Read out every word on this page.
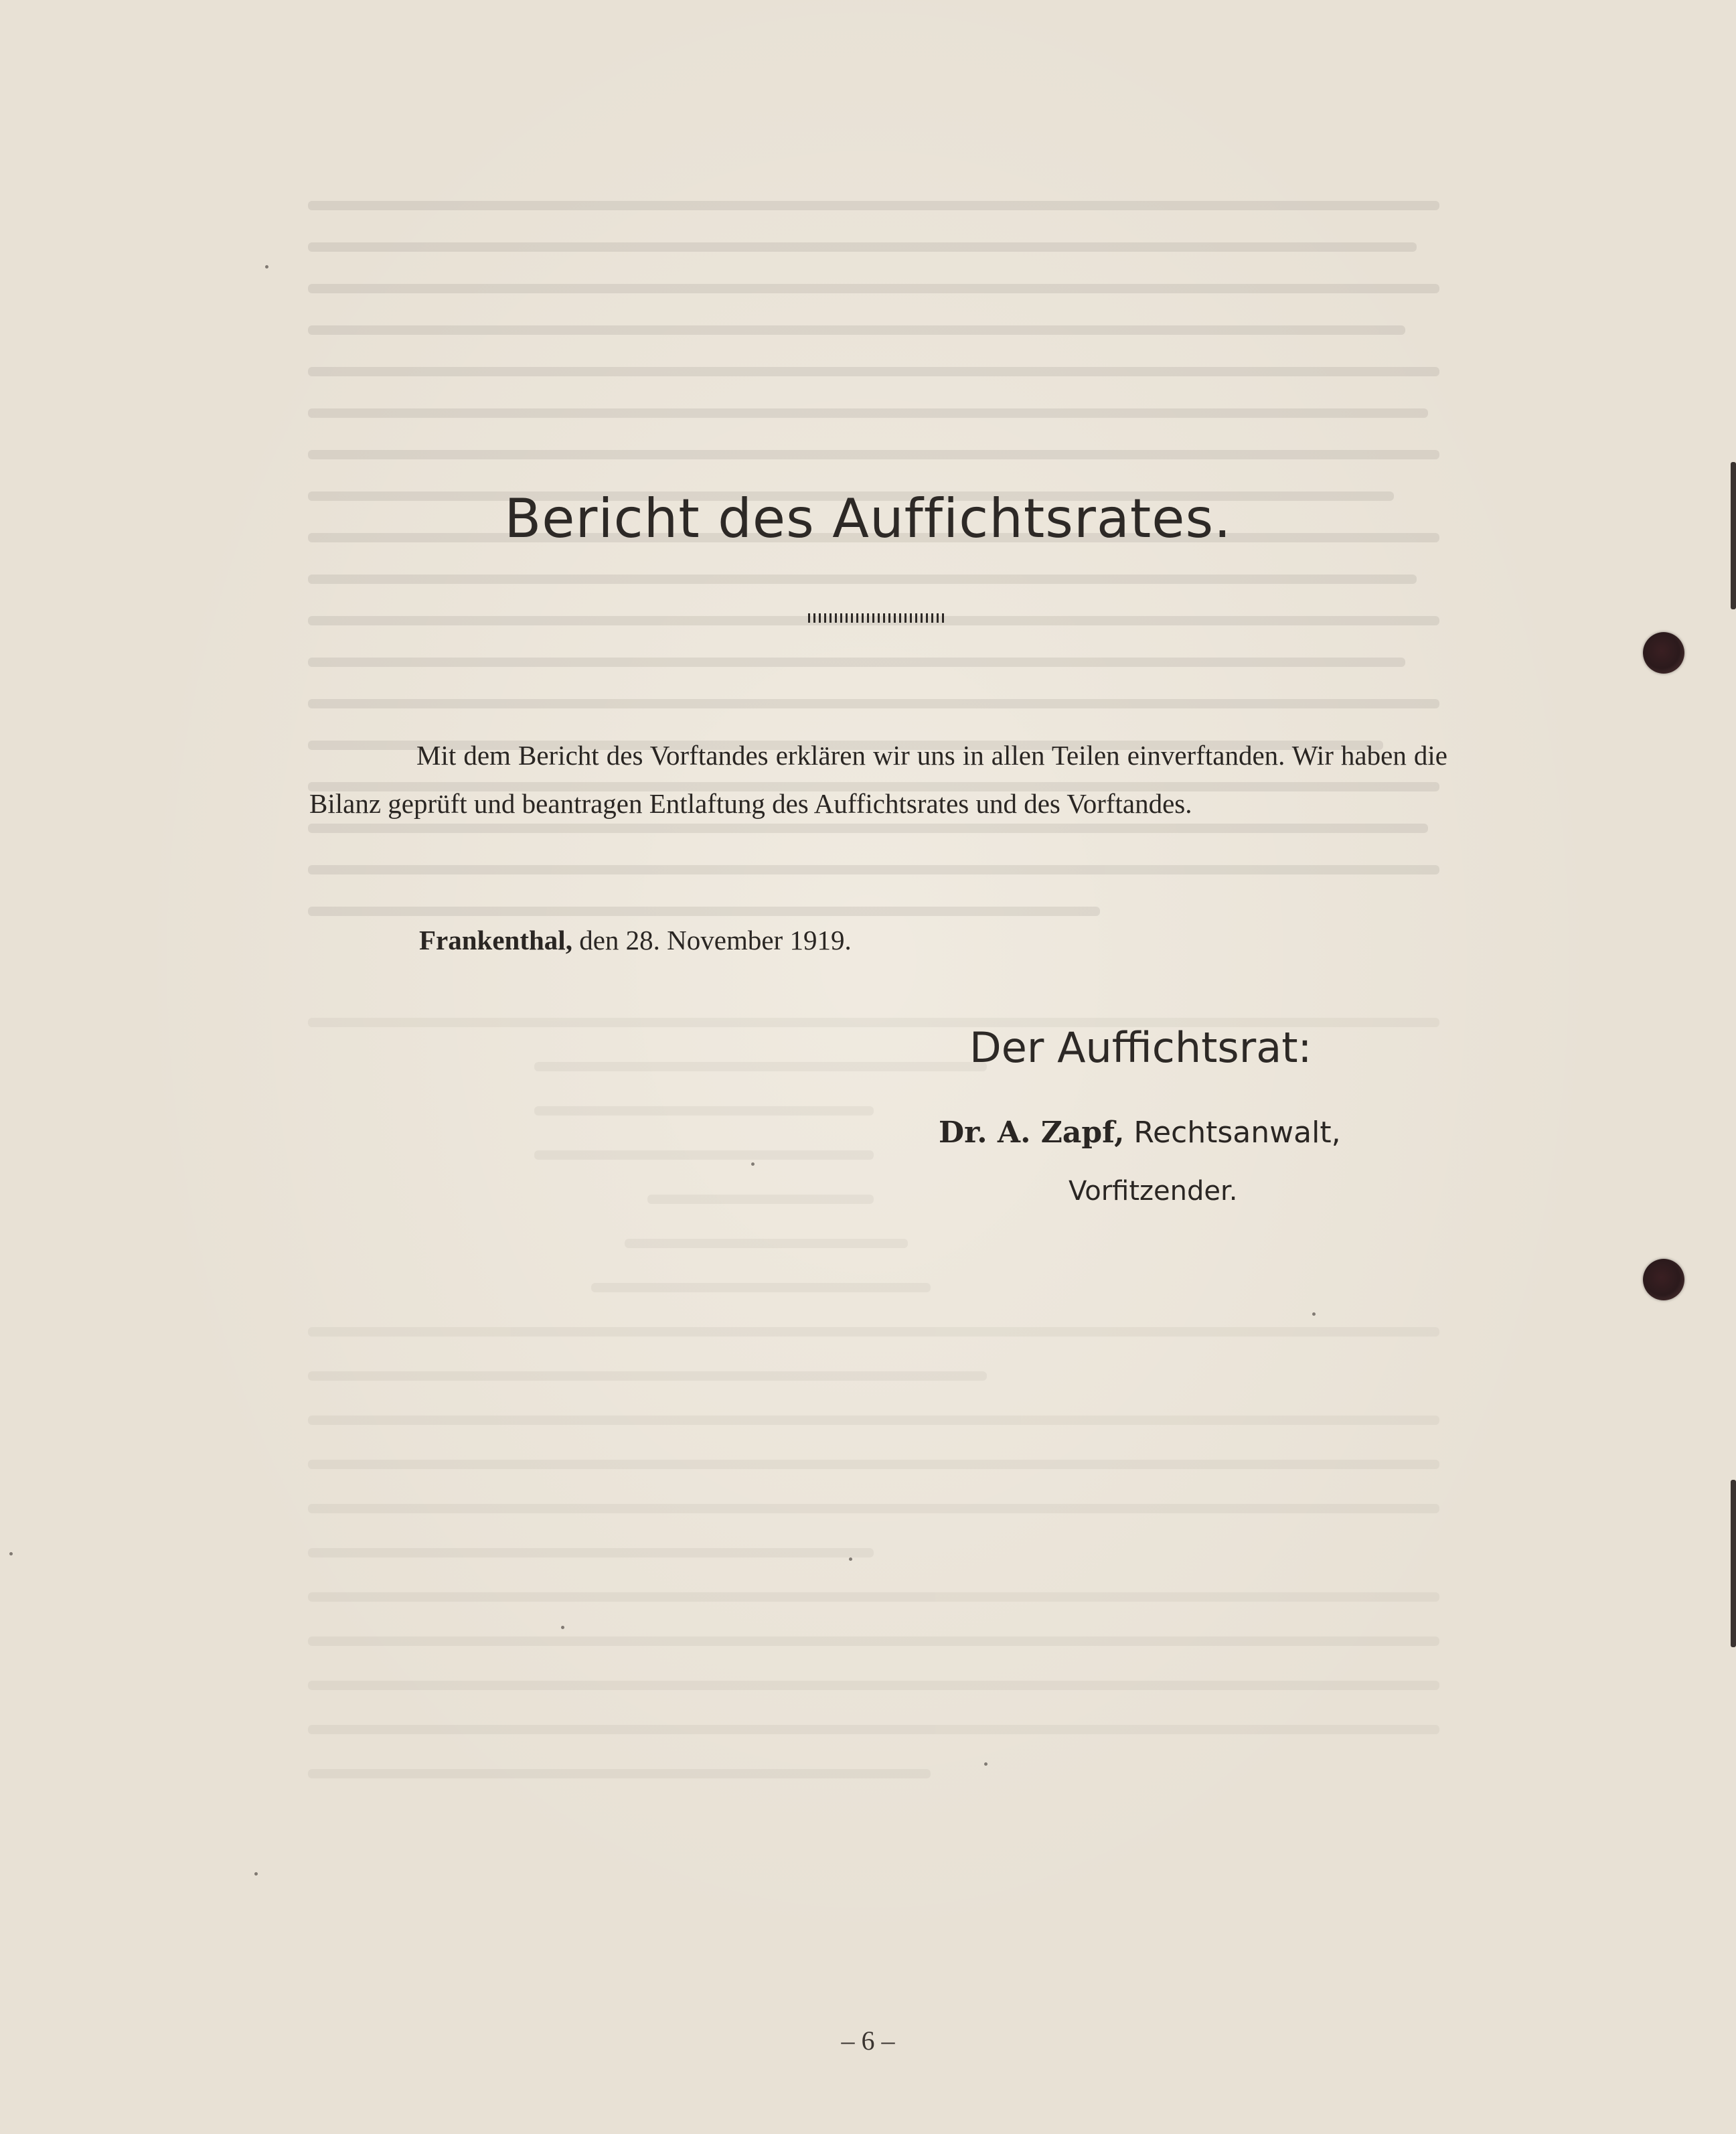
Bericht des Auffichtsrates.

Mit dem Bericht des Vorftandes erklären wir uns in allen Teilen einverftanden. Wir haben die Bilanz geprüft und beantragen Entlaftung des Auffichtsrates und des Vorftandes.

Frankenthal, den 28. November 1919.

Der Auffichtsrat:

Dr. A. Zapf, Rechtsanwalt,

Vorfitzender.

– 6 –
